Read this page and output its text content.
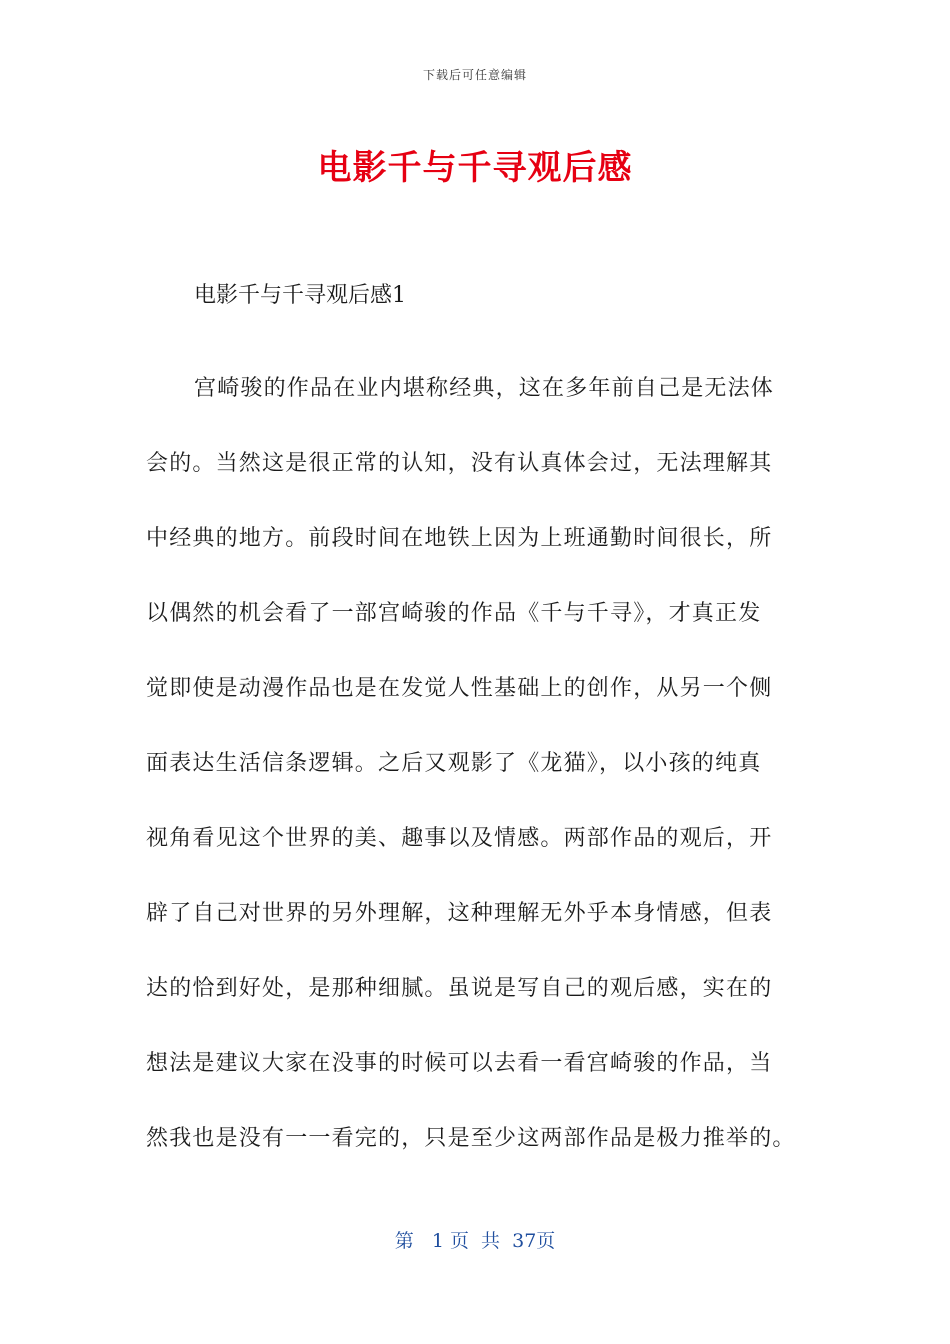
下载后可任意编辑
电影千与千寻观后感
电影千与千寻观后感1
宫崎骏的作品在业内堪称经典，这在多年前自己是无法体
会的。当然这是很正常的认知，没有认真体会过，无法理解其
中经典的地方。前段时间在地铁上因为上班通勤时间很长，所
以偶然的机会看了一部宫崎骏的作品《千与千寻》，才真正发
觉即使是动漫作品也是在发觉人性基础上的创作，从另一个侧
面表达生活信条逻辑。之后又观影了《龙猫》，以小孩的纯真
视角看见这个世界的美、趣事以及情感。两部作品的观后，开
辟了自己对世界的另外理解，这种理解无外乎本身情感，但表
达的恰到好处，是那种细腻。虽说是写自己的观后感，实在的
想法是建议大家在没事的时候可以去看一看宫崎骏的作品，当
然我也是没有一一看完的，只是至少这两部作品是极力推举的。
第   1 页  共  37页
